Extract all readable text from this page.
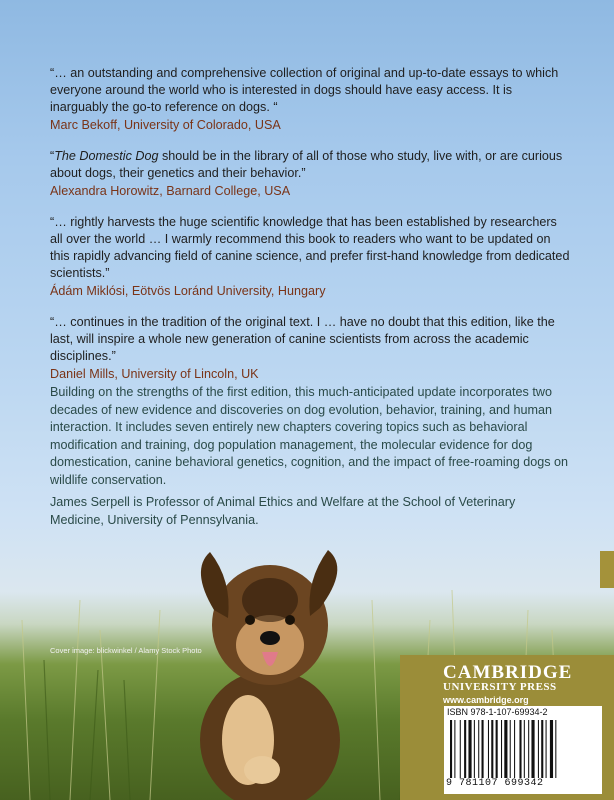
“… an outstanding and comprehensive collection of original and up-to-date essays to which everyone around the world who is interested in dogs should have easy access. It is inarguably the go-to reference on dogs. “
Marc Bekoff, University of Colorado, USA
“The Domestic Dog should be in the library of all of those who study, live with, or are curious about dogs, their genetics and their behavior.”
Alexandra Horowitz, Barnard College, USA
“… rightly harvests the huge scientific knowledge that has been established by researchers all over the world … I warmly recommend this book to readers who want to be updated on this rapidly advancing field of canine science, and prefer first-hand knowledge from dedicated scientists.”
Ádám Miklósi, Eötvös Loránd University, Hungary
“… continues in the tradition of the original text. I … have no doubt that this edition, like the last, will inspire a whole new generation of canine scientists from across the academic disciplines.”
Daniel Mills, University of Lincoln, UK
Building on the strengths of the first edition, this much-anticipated update incorporates two decades of new evidence and discoveries on dog evolution, behavior, training, and human interaction. It includes seven entirely new chapters covering topics such as behavioral modification and training, dog population management, the molecular evidence for dog domestication, canine behavioral genetics, cognition, and the impact of free-roaming dogs on wildlife conservation.
James Serpell is Professor of Animal Ethics and Welfare at the School of Veterinary Medicine, University of Pennsylvania.
Cover image: blickwinkel / Alamy Stock Photo
CAMBRIDGE
UNIVERSITY PRESS
www.cambridge.org
ISBN 978-1-107-69934-2
9 781107 699342
